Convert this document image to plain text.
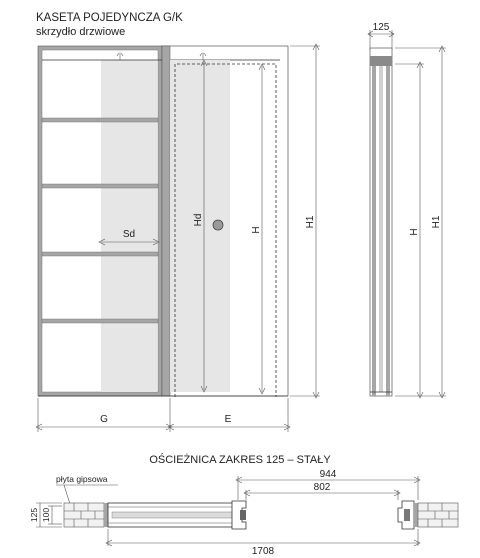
KASETA POJEDYNCZA G/K
skrzydło drzwiowe
Hd
H
H1
Sd
G	E
125
H
H1
OŚCIEŻNICA ZAKRES 125 – STAŁY
płyta gipsowa	944
802
1708
125 100
